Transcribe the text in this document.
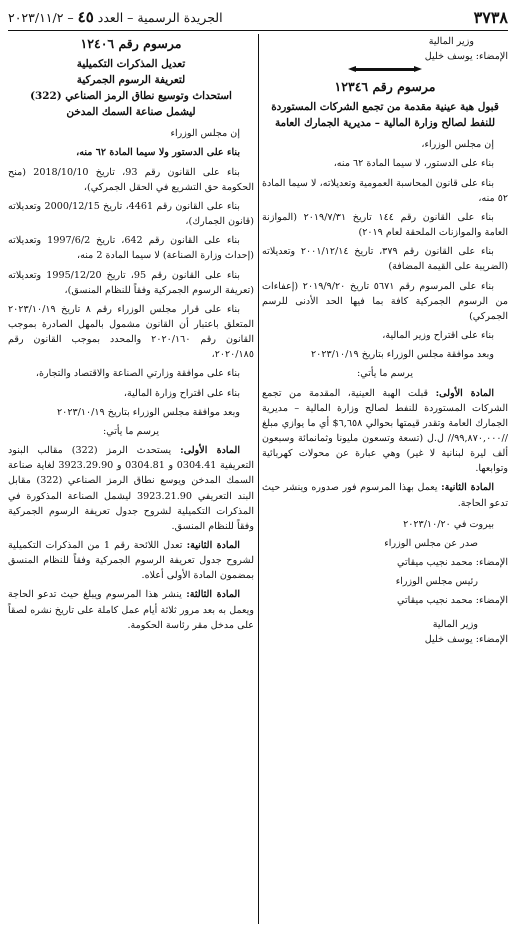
٣٧٣٨
الجريدة الرسمية – العدد ٤٥ – ٢٠٢٣/١١/٢

وزير المالية

الإمضاء: يوسف خليل

مرسوم رقم ١٢٣٤٦
قبول هبة عينية مقدمة من تجمع الشركات المستوردة للنفط لصالح وزارة المالية – مديرية الجمارك العامة

إن مجلس الوزراء،

بناء على الدستور، لا سيما المادة ٦٢ منه،

بناء على قانون المحاسبة العمومية وتعديلاته، لا سيما المادة ٥٢ منه،

بناء على القانون رقم ١٤٤ تاريخ ٢٠١٩/٧/٣١ (الموازنة العامة والموازنات الملحقة لعام ٢٠١٩)

بناء على القانون رقم ٣٧٩، تاريخ ٢٠٠١/١٢/١٤ وتعديلاته (الضريبة على القيمة المضافة)

بناء على المرسوم رقم ٥٦٧١ تاريخ ٢٠١٩/٩/٢٠ (إعفاءات من الرسوم الجمركية كافة بما فيها الحد الأدنى للرسم الجمركي)

بناء على اقتراح وزير المالية،

وبعد موافقة مجلس الوزراء بتاريخ ٢٠٢٣/١٠/١٩

يرسم ما يأتي:

المادة الأولى: قبلت الهبة العينية، المقدمة من تجمع الشركات المستوردة للنفط لصالح وزارة المالية – مديرية الجمارك العامة وتقدر قيمتها بحوالي ٦,٦٥٨$ أي ما يوازي مبلغ //٩٩,٨٧٠,٠٠٠// ل.ل (تسعة وتسعون مليونا وثمانمائة وسبعون ألف ليرة لبنانية لا غير) وهي عبارة عن محولات كهربائية وتوابعها.

المادة الثانية: يعمل بهذا المرسوم فور صدوره وينشر حيث تدعو الحاجة.

بيروت في ٢٠٢٣/١٠/٢٠

صدر عن مجلس الوزراء

الإمضاء: محمد نجيب ميقاتي

رئيس مجلس الوزراء

الإمضاء: محمد نجيب ميقاتي

وزير المالية

الإمضاء: يوسف خليل

مرسوم رقم ١٢٤٠٦
تعديل المذكرات التكميلية
لتعريفة الرسوم الجمركية
استحداث وتوسيع نطاق الرمز الصناعي (322)
ليشمل صناعة السمك المدخن

إن مجلس الوزراء

بناء على الدستور ولا سيما المادة ٦٢ منه،

بناء على القانون رقم 93، تاريخ 2018/10/10 (منح الحكومة حق التشريع في الحقل الجمركي)،

بناء على القانون رقم 4461، تاريخ 2000/12/15 وتعديلاته (قانون الجمارك)،

بناء على القانون رقم 642، تاريخ 1997/6/2 وتعديلاته (إحداث وزارة الصناعة) لا سيما المادة 2 منه،

بناء على القانون رقم 95، تاريخ 1995/12/20 وتعديلاته (تعريفة الرسوم الجمركية وفقاً للنظام المنسق)،

بناء على قرار مجلس الوزراء رقم ٨ تاريخ ٢٠٢٣/١٠/١٩ المتعلق باعتبار أن القانون مشمول بالمهل الصادرة بموجب القانون رقم ٢٠٢٠/١٦٠ والمحدد بموجب القانون رقم ٢٠٢٠/١٨٥،

بناء على موافقة وزارتي الصناعة والاقتصاد والتجارة،

بناء على اقتراح وزارة المالية،

وبعد موافقة مجلس الوزراء بتاريخ ٢٠٢٣/١٠/١٩

يرسم ما يأتي:

المادة الأولى: يستحدث الرمز (322) مقالب البنود التعريفية 0304.41 و 0304.81 و 3923.29.90 لغاية صناعة السمك المدخن ويوسع نطاق الرمز الصناعي (322) مقابل البند التعريفي 3923.21.90 ليشمل الصناعة المذكورة في المذكرات التكميلية لشروح جدول تعريفة الرسوم الجمركية وفقاً للنظام المنسق.

المادة الثانية: تعدل اللائحة رقم 1 من المذكرات التكميلية لشروح جدول تعريفة الرسوم الجمركية وفقاً للنظام المنسق بمضمون المادة الأولى أعلاه.

المادة الثالثة: ينشر هذا المرسوم ويبلغ حيث تدعو الحاجة ويعمل به بعد مرور ثلاثة أيام عمل كاملة على تاريخ نشره لصقاً على مدخل مقر رئاسة الحكومة.
